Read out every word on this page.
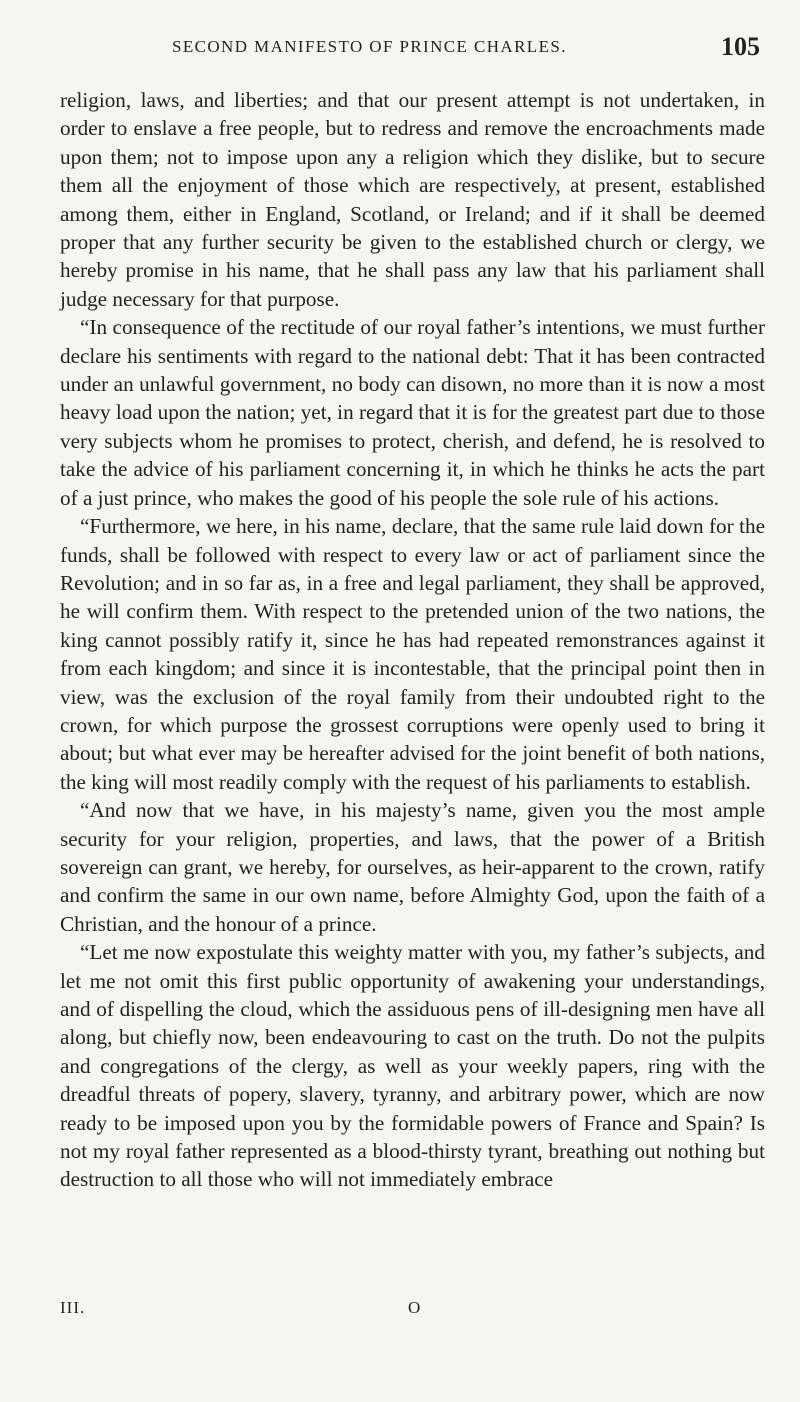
SECOND MANIFESTO OF PRINCE CHARLES.	105

religion, laws, and liberties; and that our present attempt is not undertaken, in order to enslave a free people, but to redress and remove the encroachments made upon them; not to impose upon any a religion which they dislike, but to secure them all the enjoyment of those which are respectively, at present, established among them, either in England, Scotland, or Ireland; and if it shall be deemed proper that any further security be given to the established church or clergy, we hereby promise in his name, that he shall pass any law that his parliament shall judge necessary for that purpose.

“In consequence of the rectitude of our royal father’s intentions, we must further declare his sentiments with regard to the national debt: That it has been contracted under an unlawful government, no body can disown, no more than it is now a most heavy load upon the nation; yet, in regard that it is for the greatest part due to those very subjects whom he promises to protect, cherish, and defend, he is resolved to take the advice of his parliament concerning it, in which he thinks he acts the part of a just prince, who makes the good of his people the sole rule of his actions.

“Furthermore, we here, in his name, declare, that the same rule laid down for the funds, shall be followed with respect to every law or act of parliament since the Revolution; and in so far as, in a free and legal parliament, they shall be approved, he will confirm them. With respect to the pretended union of the two nations, the king cannot possibly ratify it, since he has had repeated remonstrances against it from each kingdom; and since it is incontestable, that the principal point then in view, was the exclusion of the royal family from their undoubted right to the crown, for which purpose the grossest corruptions were openly used to bring it about; but what ever may be hereafter advised for the joint benefit of both nations, the king will most readily comply with the request of his parliaments to establish.

“And now that we have, in his majesty’s name, given you the most ample security for your religion, properties, and laws, that the power of a British sovereign can grant, we hereby, for ourselves, as heir-apparent to the crown, ratify and confirm the same in our own name, before Almighty God, upon the faith of a Christian, and the honour of a prince.

“Let me now expostulate this weighty matter with you, my father’s subjects, and let me not omit this first public opportunity of awakening your understandings, and of dispelling the cloud, which the assiduous pens of ill-designing men have all along, but chiefly now, been endeavouring to cast on the truth. Do not the pulpits and congregations of the clergy, as well as your weekly papers, ring with the dreadful threats of popery, slavery, tyranny, and arbitrary power, which are now ready to be imposed upon you by the formidable powers of France and Spain? Is not my royal father represented as a blood-thirsty tyrant, breathing out nothing but destruction to all those who will not immediately embrace

III.	O
